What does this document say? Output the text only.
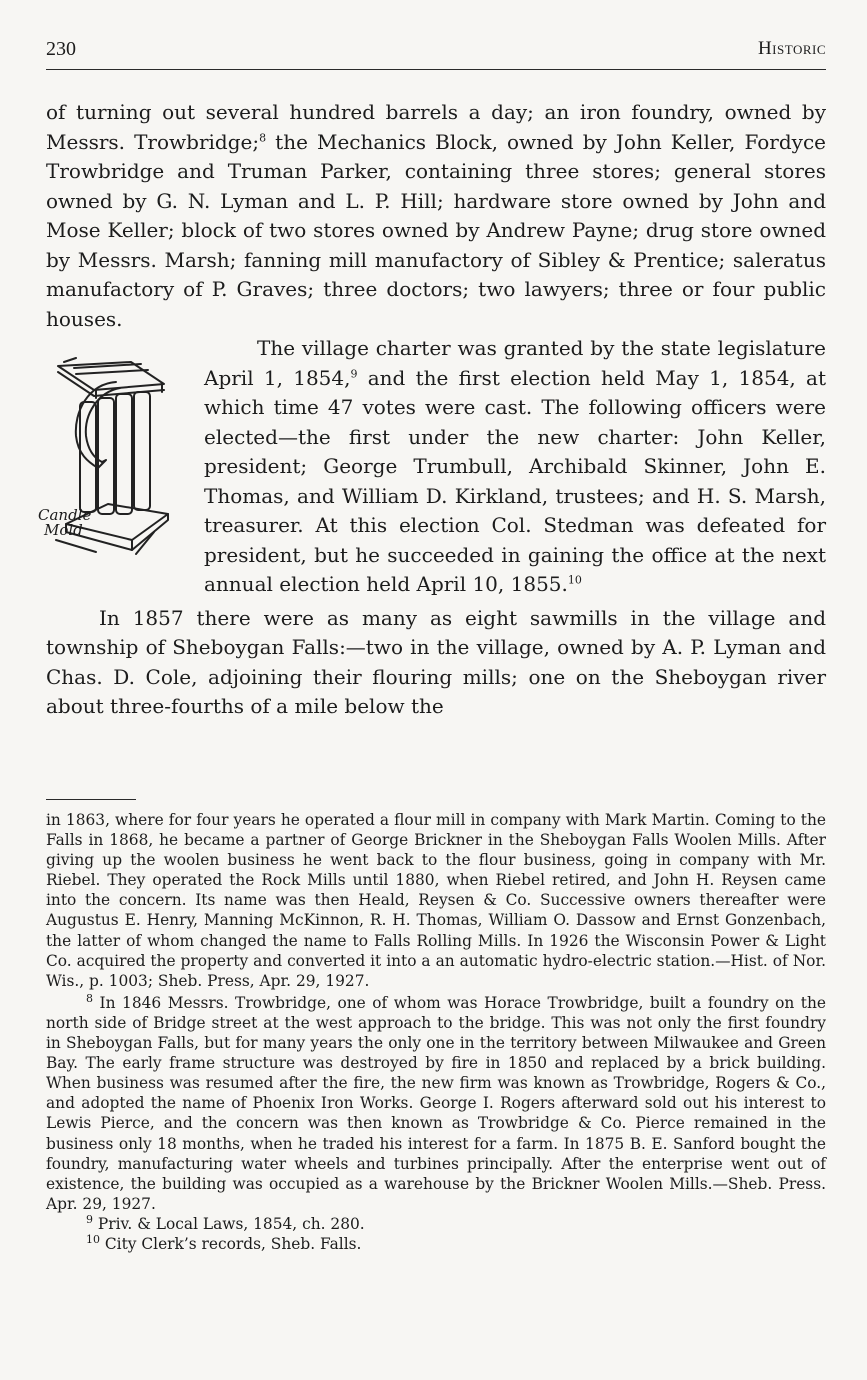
230	Historic

of turning out several hundred barrels a day; an iron foundry, owned by Messrs. Trowbridge;$^8$ the Mechanics Block, owned by John Keller, Fordyce Trowbridge and Truman Parker, containing three stores; general stores owned by G. N. Lyman and L. P. Hill; hardware store owned by John and Mose Keller; block of two stores owned by Andrew Payne; drug store owned by Messrs. Marsh; fanning mill manufactory of Sibley & Prentice; saleratus manufactory of P. Graves; three doctors; two lawyers; three or four public houses.

Candle
Mold

The village charter was granted by the state legislature April 1, 1854,$^9$ and the first election held May 1, 1854, at which time 47 votes were cast. The following officers were elected—the first under the new charter: John Keller, president; George Trumbull, Archibald Skinner, John E. Thomas, and William D. Kirkland, trustees; and H. S. Marsh, treasurer. At this election Col. Stedman was defeated for president, but he succeeded in gaining the office at the next annual election held April 10, 1855.10

In 1857 there were as many as eight sawmills in the village and township of Sheboygan Falls:—two in the village, owned by A. P. Lyman and Chas. D. Cole, adjoining their flouring mills; one on the Sheboygan river about three-fourths of a mile below the

in 1863, where for four years he operated a flour mill in company with Mark Martin. Coming to the Falls in 1868, he became a partner of George Brickner in the Sheboygan Falls Woolen Mills. After giving up the woolen business he went back to the flour business, going in company with Mr. Riebel. They operated the Rock Mills until 1880, when Riebel retired, and John H. Reysen came into the concern. Its name was then Heald, Reysen & Co. Successive owners thereafter were Augustus E. Henry, Manning McKinnon, R. H. Thomas, William O. Dassow and Ernst Gonzenbach, the latter of whom changed the name to Falls Rolling Mills. In 1926 the Wisconsin Power & Light Co. acquired the property and converted it into a an automatic hydro-electric station.—Hist. of Nor. Wis., p. 1003; Sheb. Press, Apr. 29, 1927.

$^8$ In 1846 Messrs. Trowbridge, one of whom was Horace Trowbridge, built a foundry on the north side of Bridge street at the west approach to the bridge. This was not only the first foundry in Sheboygan Falls, but for many years the only one in the territory between Milwaukee and Green Bay. The early frame structure was destroyed by fire in 1850 and replaced by a brick building. When business was resumed after the fire, the new firm was known as Trowbridge, Rogers & Co., and adopted the name of Phoenix Iron Works. George I. Rogers afterward sold out his interest to Lewis Pierce, and the concern was then known as Trowbridge & Co. Pierce remained in the business only 18 months, when he traded his interest for a farm. In 1875 B. E. Sanford bought the foundry, manufacturing water wheels and turbines principally. After the enterprise went out of existence, the building was occupied as a warehouse by the Brickner Woolen Mills.—Sheb. Press. Apr. 29, 1927.

$^9$ Priv. & Local Laws, 1854, ch. 280.

$^{10}$ City Clerk’s records, Sheb. Falls.
